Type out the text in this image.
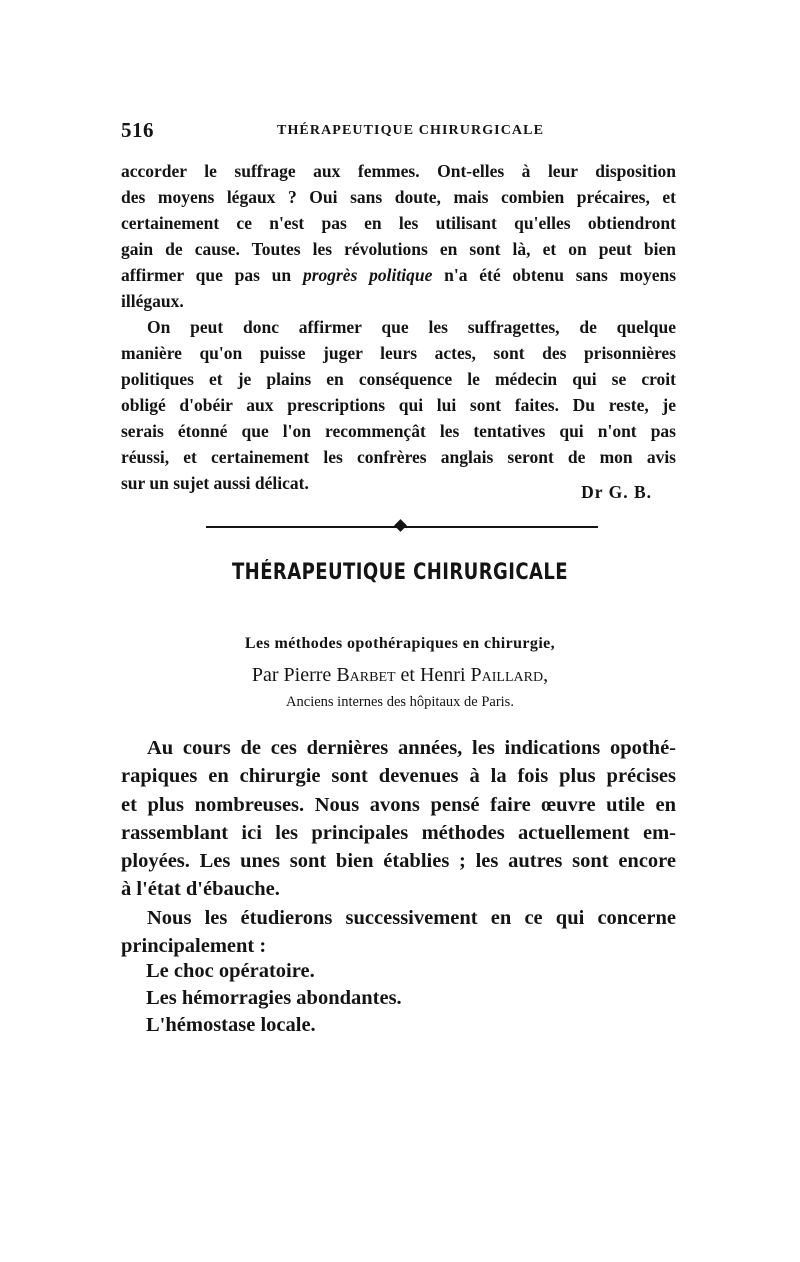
516	THÉRAPEUTIQUE CHIRURGICALE
accorder le suffrage aux femmes. Ont-elles à leur disposition
des moyens légaux ? Oui sans doute, mais combien précaires, et
certainement ce n'est pas en les utilisant qu'elles obtiendront
gain de cause. Toutes les révolutions en sont là, et on peut bien
affirmer que pas un progrès politique n'a été obtenu sans moyens
illégaux.
On peut donc affirmer que les suffragettes, de quelque
manière qu'on puisse juger leurs actes, sont des prisonnières
politiques et je plains en conséquence le médecin qui se croit
obligé d'obéir aux prescriptions qui lui sont faites. Du reste, je
serais étonné que l'on recommençât les tentatives qui n'ont pas
réussi, et certainement les confrères anglais seront de mon avis
sur un sujet aussi délicat.	Dr G. B.
THÉRAPEUTIQUE CHIRURGICALE
Les méthodes opothérapiques en chirurgie,
Par Pierre Barbet et Henri Paillard,
Anciens internes des hôpitaux de Paris.
Au cours de ces dernières années, les indications opothé-
rapiques en chirurgie sont devenues à la fois plus précises
et plus nombreuses. Nous avons pensé faire œuvre utile en
rassemblant ici les principales méthodes actuellement em-
ployées. Les unes sont bien établies ; les autres sont encore
à l'état d'ébauche.
Nous les étudierons successivement en ce qui concerne
principalement :
Le choc opératoire.
Les hémorragies abondantes.
L'hémostase locale.
